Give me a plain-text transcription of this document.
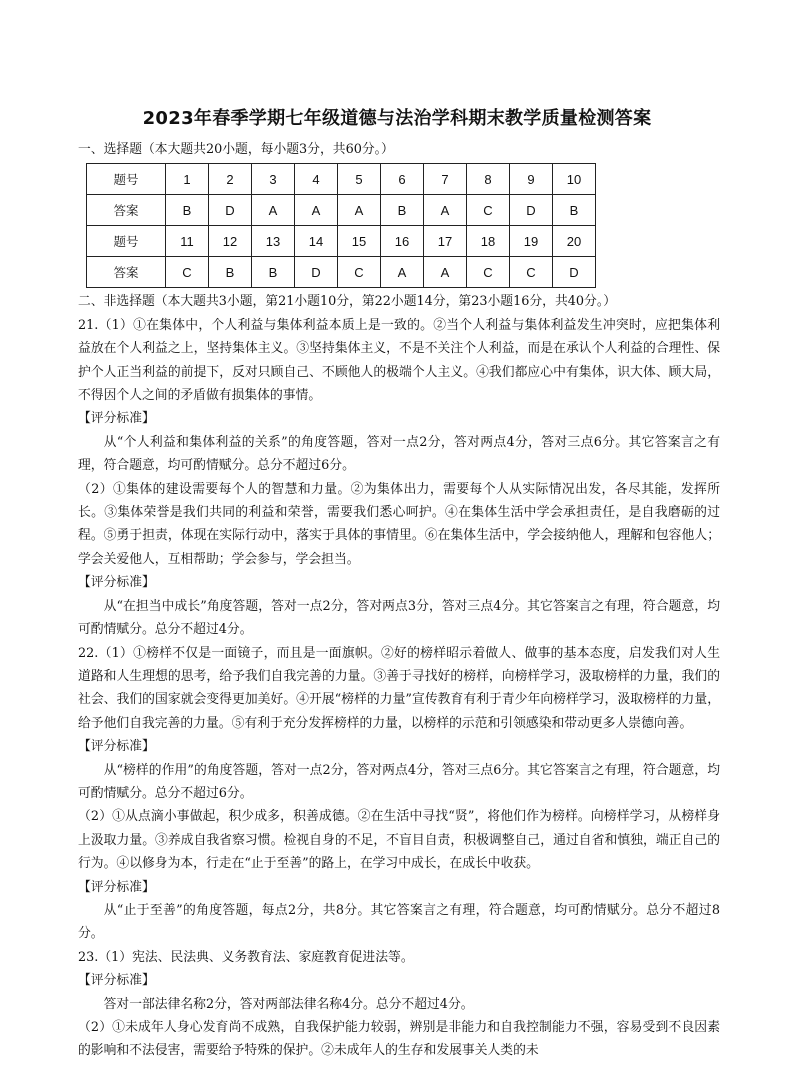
2023年春季学期七年级道德与法治学科期末教学质量检测答案

一、选择题（本大题共20小题，每小题3分，共60分。）

题号	1	2	3	4	5	6	7	8	9	10
答案	B	D	A	A	A	B	A	C	D	B
题号	11	12	13	14	15	16	17	18	19	20
答案	C	B	B	D	C	A	A	C	C	D

二、非选择题（本大题共3小题，第21小题10分，第22小题14分，第23小题16分，共40分。）

21.（1）①在集体中，个人利益与集体利益本质上是一致的。②当个人利益与集体利益发生冲突时，应把集体利益放在个人利益之上，坚持集体主义。③坚持集体主义，不是不关注个人利益，而是在承认个人利益的合理性、保护个人正当利益的前提下，反对只顾自己、不顾他人的极端个人主义。④我们都应心中有集体，识大体、顾大局，不得因个人之间的矛盾做有损集体的事情。

【评分标准】

从“个人利益和集体利益的关系”的角度答题，答对一点2分，答对两点4分，答对三点6分。其它答案言之有理，符合题意，均可酌情赋分。总分不超过6分。

（2）①集体的建设需要每个人的智慧和力量。②为集体出力，需要每个人从实际情况出发，各尽其能，发挥所长。③集体荣誉是我们共同的利益和荣誉，需要我们悉心呵护。④在集体生活中学会承担责任，是自我磨砺的过程。⑤勇于担责，体现在实际行动中，落实于具体的事情里。⑥在集体生活中，学会接纳他人，理解和包容他人；学会关爱他人，互相帮助；学会参与，学会担当。

【评分标准】

从“在担当中成长”角度答题，答对一点2分，答对两点3分，答对三点4分。其它答案言之有理，符合题意，均可酌情赋分。总分不超过4分。

22.（1）①榜样不仅是一面镜子，而且是一面旗帜。②好的榜样昭示着做人、做事的基本态度，启发我们对人生道路和人生理想的思考，给予我们自我完善的力量。③善于寻找好的榜样，向榜样学习，汲取榜样的力量，我们的社会、我们的国家就会变得更加美好。④开展“榜样的力量”宣传教育有利于青少年向榜样学习，汲取榜样的力量，给予他们自我完善的力量。⑤有利于充分发挥榜样的力量，以榜样的示范和引领感染和带动更多人崇德向善。

【评分标准】

从“榜样的作用”的角度答题，答对一点2分，答对两点4分，答对三点6分。其它答案言之有理，符合题意，均可酌情赋分。总分不超过6分。

（2）①从点滴小事做起，积少成多，积善成德。②在生活中寻找“贤”，将他们作为榜样。向榜样学习，从榜样身上汲取力量。③养成自我省察习惯。检视自身的不足，不盲目自责，积极调整自己，通过自省和慎独，端正自己的行为。④以修身为本，行走在“止于至善”的路上，在学习中成长，在成长中收获。

【评分标准】

从“止于至善”的角度答题，每点2分，共8分。其它答案言之有理，符合题意，均可酌情赋分。总分不超过8分。

23.（1）宪法、民法典、义务教育法、家庭教育促进法等。

【评分标准】

答对一部法律名称2分，答对两部法律名称4分。总分不超过4分。

（2）①未成年人身心发育尚不成熟，自我保护能力较弱，辨别是非能力和自我控制能力不强，容易受到不良因素的影响和不法侵害，需要给予特殊的保护。②未成年人的生存和发展事关人类的未
